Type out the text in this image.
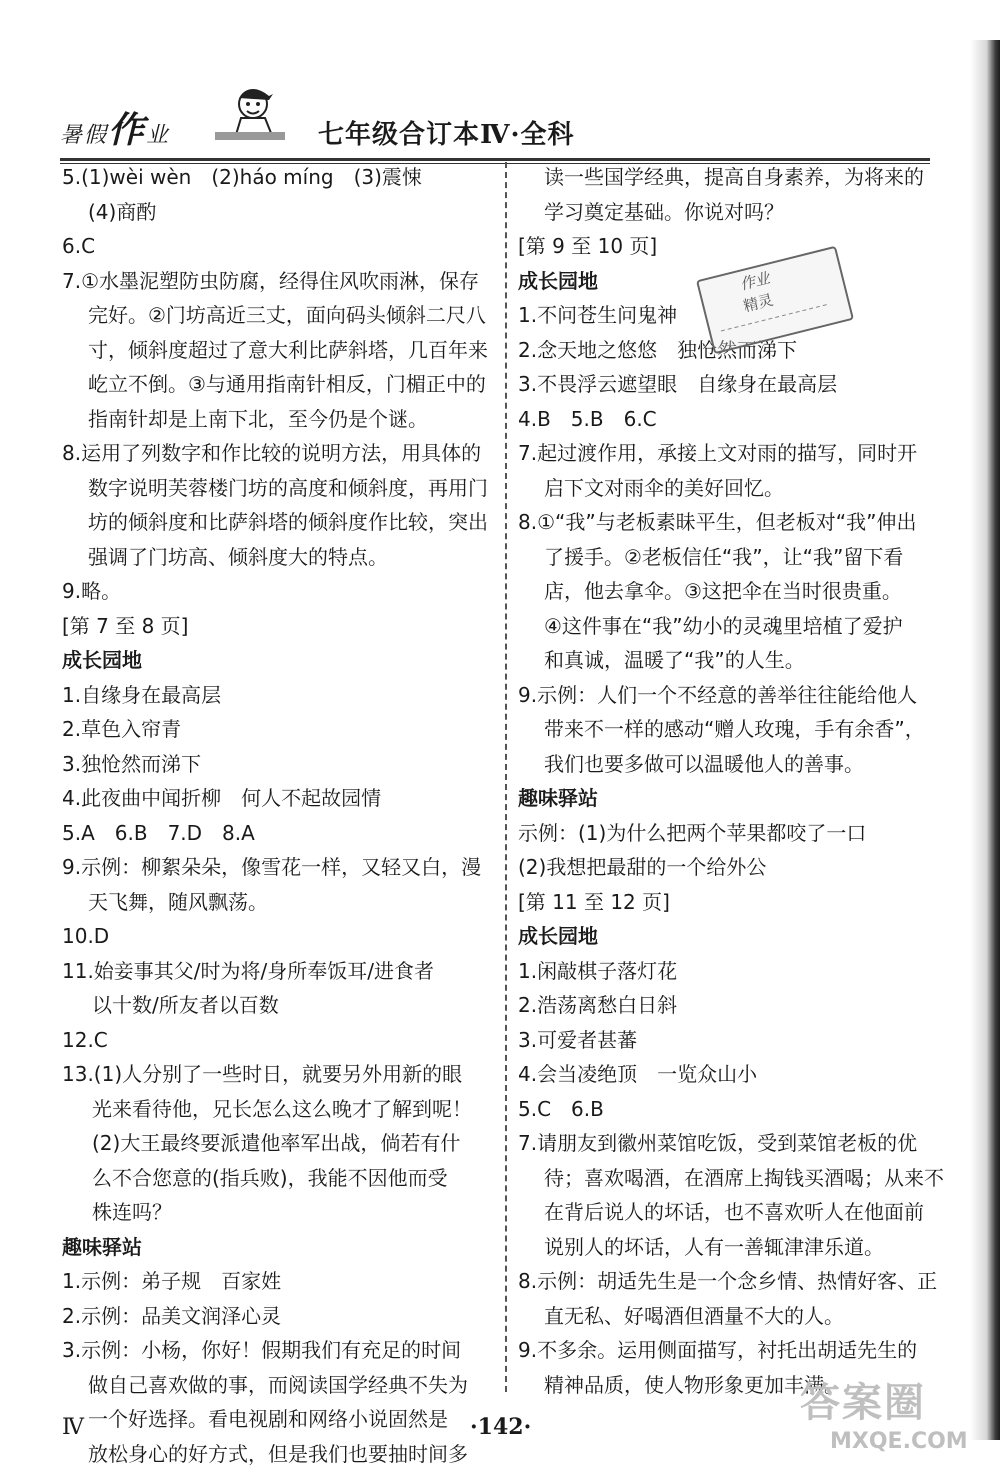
暑假作业	七年级合订本Ⅳ·全科
5.(1)wèi wèn　(2)háo míng　(3)震悚
(4)商酌
6.C
7.①水墨泥塑防虫防腐，经得住风吹雨淋，保存
完好。②门坊高近三丈，面向码头倾斜二尺八
寸，倾斜度超过了意大利比萨斜塔，几百年来
屹立不倒。③与通用指南针相反，门楣正中的
指南针却是上南下北，至今仍是个谜。
8.运用了列数字和作比较的说明方法，用具体的
数字说明芙蓉楼门坊的高度和倾斜度，再用门
坊的倾斜度和比萨斜塔的倾斜度作比较，突出
强调了门坊高、倾斜度大的特点。
9.略。
[第 7 至 8 页]
成长园地
1.自缘身在最高层
2.草色入帘青
3.独怆然而涕下
4.此夜曲中闻折柳　何人不起故园情
5.A　6.B　7.D　8.A
9.示例：柳絮朵朵，像雪花一样，又轻又白，漫
天飞舞，随风飘荡。
10.D
11.始妾事其父/时为将/身所奉饭耳/进食者
以十数/所友者以百数
12.C
13.(1)人分别了一些时日，就要另外用新的眼
光来看待他，兄长怎么这么晚才了解到呢！
(2)大王最终要派遣他率军出战，倘若有什
么不合您意的(指兵败)，我能不因他而受
株连吗？
趣味驿站
1.示例：弟子规　百家姓
2.示例：品美文润泽心灵
3.示例：小杨，你好！假期我们有充足的时间
做自己喜欢做的事，而阅读国学经典不失为
一个好选择。看电视剧和网络小说固然是
放松身心的好方式，但是我们也要抽时间多
读一些国学经典，提高自身素养，为将来的
学习奠定基础。你说对吗？
[第 9 至 10 页]
成长园地
1.不问苍生问鬼神
2.念天地之悠悠　独怆然而涕下
3.不畏浮云遮望眼　自缘身在最高层
4.B　5.B　6.C
7.起过渡作用，承接上文对雨的描写，同时开
启下文对雨伞的美好回忆。
8.①“我”与老板素昧平生，但老板对“我”伸出
了援手。②老板信任“我”，让“我”留下看
店，他去拿伞。③这把伞在当时很贵重。
④这件事在“我”幼小的灵魂里培植了爱护
和真诚，温暖了“我”的人生。
9.示例：人们一个不经意的善举往往能给他人
带来不一样的感动“赠人玫瑰，手有余香”，
我们也要多做可以温暖他人的善事。
趣味驿站
示例：(1)为什么把两个苹果都咬了一口
(2)我想把最甜的一个给外公
[第 11 至 12 页]
成长园地
1.闲敲棋子落灯花
2.浩荡离愁白日斜
3.可爱者甚蕃
4.会当凌绝顶　一览众山小
5.C　6.B
7.请朋友到徽州菜馆吃饭，受到菜馆老板的优
待；喜欢喝酒，在酒席上掏钱买酒喝；从来不
在背后说人的坏话，也不喜欢听人在他面前
说别人的坏话，人有一善辄津津乐道。
8.示例：胡适先生是一个念乡情、热情好客、正
直无私、好喝酒但酒量不大的人。
9.不多余。运用侧面描写，衬托出胡适先生的
精神品质，使人物形象更加丰满。
作业
精灵
Ⅳ	·142·
答案圈
MXQE.COM
